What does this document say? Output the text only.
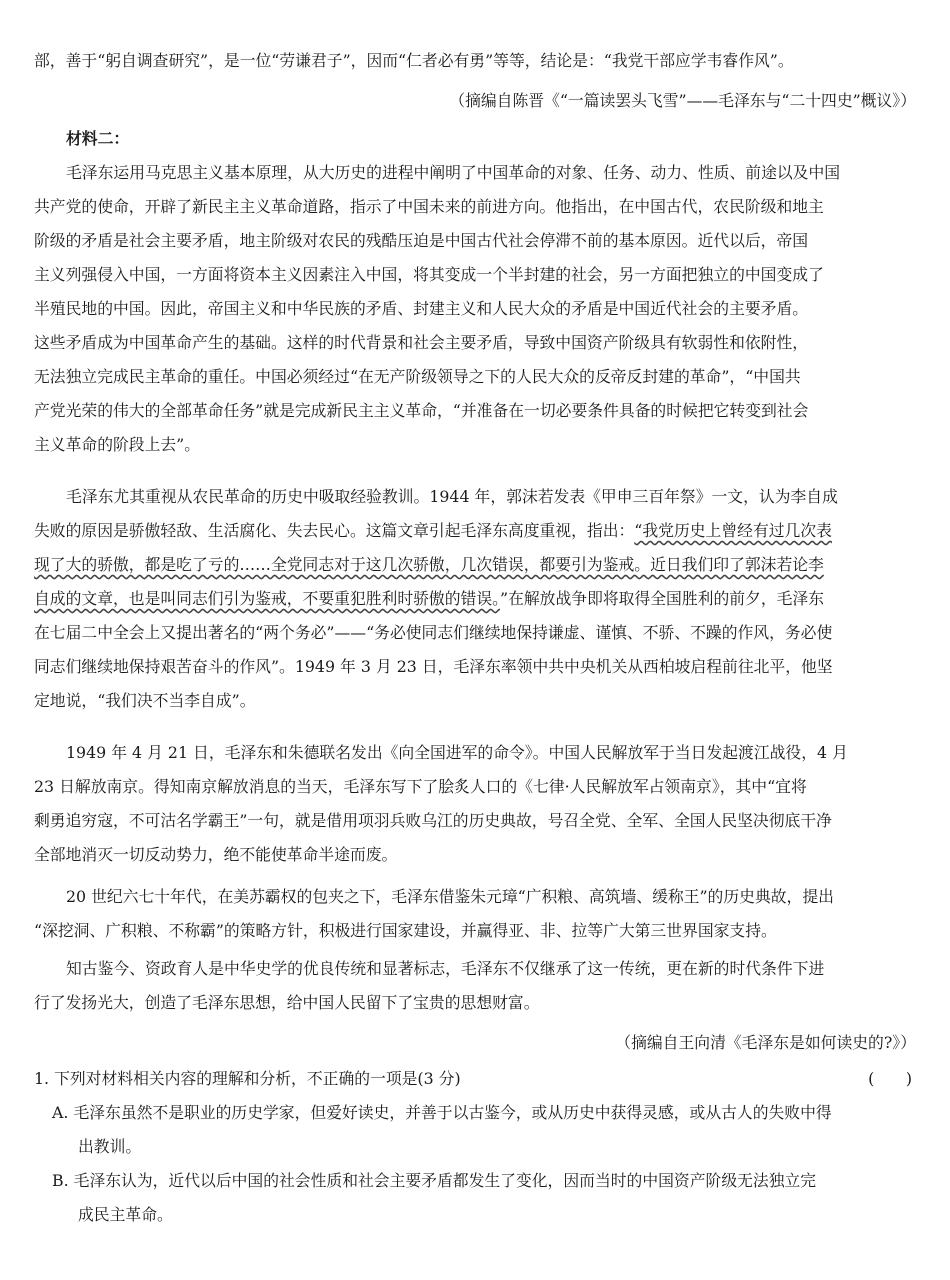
部，善于“躬自调查研究”，是一位“劳谦君子”，因而“仁者必有勇”等等，结论是：“我党干部应学韦睿作风”。

（摘编自陈晋《“一篇读罢头飞雪”——毛泽东与“二十四史”概议》）

材料二：

毛泽东运用马克思主义基本原理，从大历史的进程中阐明了中国革命的对象、任务、动力、性质、前途以及中国

共产党的使命，开辟了新民主主义革命道路，指示了中国未来的前进方向。他指出，在中国古代，农民阶级和地主

阶级的矛盾是社会主要矛盾，地主阶级对农民的残酷压迫是中国古代社会停滞不前的基本原因。近代以后，帝国

主义列强侵入中国，一方面将资本主义因素注入中国，将其变成一个半封建的社会，另一方面把独立的中国变成了

半殖民地的中国。因此，帝国主义和中华民族的矛盾、封建主义和人民大众的矛盾是中国近代社会的主要矛盾。

这些矛盾成为中国革命产生的基础。这样的时代背景和社会主要矛盾，导致中国资产阶级具有软弱性和依附性，

无法独立完成民主革命的重任。中国必须经过“在无产阶级领导之下的人民大众的反帝反封建的革命”，“中国共

产党光荣的伟大的全部革命任务”就是完成新民主主义革命，“并准备在一切必要条件具备的时候把它转变到社会

主义革命的阶段上去”。

毛泽东尤其重视从农民革命的历史中吸取经验教训。1944 年，郭沫若发表《甲申三百年祭》一文，认为李自成

失败的原因是骄傲轻敌、生活腐化、失去民心。这篇文章引起毛泽东高度重视，指出：“我党历史上曾经有过几次表

现了大的骄傲，都是吃了亏的……全党同志对于这几次骄傲，几次错误，都要引为鉴戒。近日我们印了郭沫若论李

自成的文章，也是叫同志们引为鉴戒，不要重犯胜利时骄傲的错误。”在解放战争即将取得全国胜利的前夕，毛泽东

在七届二中全会上又提出著名的“两个务必”——“务必使同志们继续地保持谦虚、谨慎、不骄、不躁的作风，务必使

同志们继续地保持艰苦奋斗的作风”。1949 年 3 月 23 日，毛泽东率领中共中央机关从西柏坡启程前往北平，他坚

定地说，“我们决不当李自成”。

1949 年 4 月 21 日，毛泽东和朱德联名发出《向全国进军的命令》。中国人民解放军于当日发起渡江战役，4 月

23 日解放南京。得知南京解放消息的当天，毛泽东写下了脍炙人口的《七律·人民解放军占领南京》，其中“宜将

剩勇追穷寇，不可沽名学霸王”一句，就是借用项羽兵败乌江的历史典故，号召全党、全军、全国人民坚决彻底干净

全部地消灭一切反动势力，绝不能使革命半途而废。

20 世纪六七十年代，在美苏霸权的包夹之下，毛泽东借鉴朱元璋“广积粮、高筑墙、缓称王”的历史典故，提出

“深挖洞、广积粮、不称霸”的策略方针，积极进行国家建设，并赢得亚、非、拉等广大第三世界国家支持。

知古鉴今、资政育人是中华史学的优良传统和显著标志，毛泽东不仅继承了这一传统，更在新的时代条件下进

行了发扬光大，创造了毛泽东思想，给中国人民留下了宝贵的思想财富。

（摘编自王向清《毛泽东是如何读史的?》）

1. 下列对材料相关内容的理解和分析，不正确的一项是(3 分)	(　　)

A. 毛泽东虽然不是职业的历史学家，但爱好读史，并善于以古鉴今，或从历史中获得灵感，或从古人的失败中得

出教训。

B. 毛泽东认为，近代以后中国的社会性质和社会主要矛盾都发生了变化，因而当时的中国资产阶级无法独立完

成民主革命。
